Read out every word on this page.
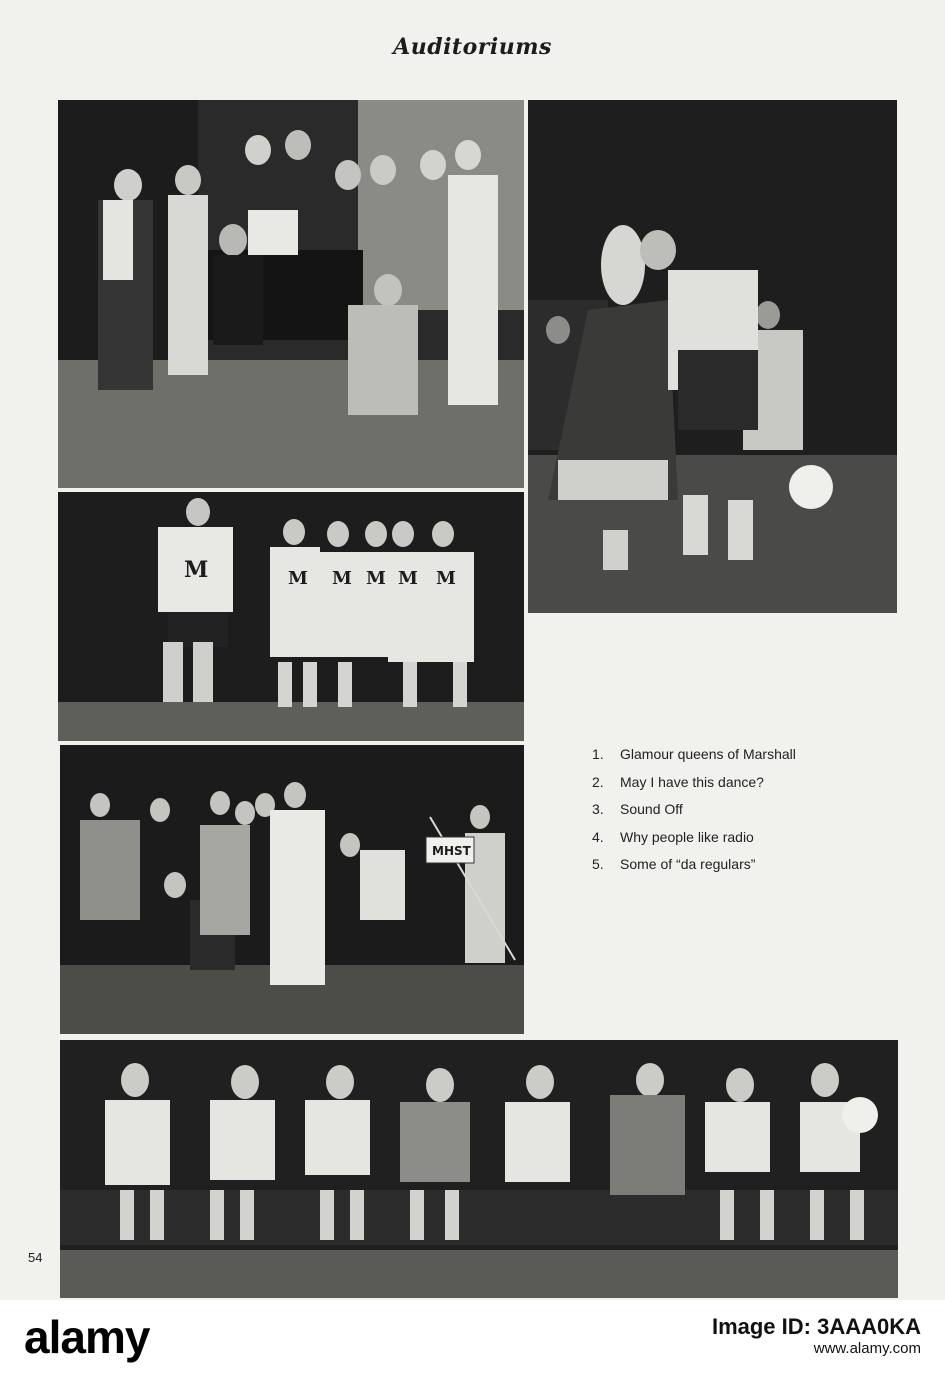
Auditoriums
M	M M M M M
MHST
1. Glamour queens of Marshall
2. May I have this dance?
3. Sound Off
4. Why people like radio
5. Some of “da regulars”
54
alamy	Image ID: 3AAA0KA
www.alamy.com
